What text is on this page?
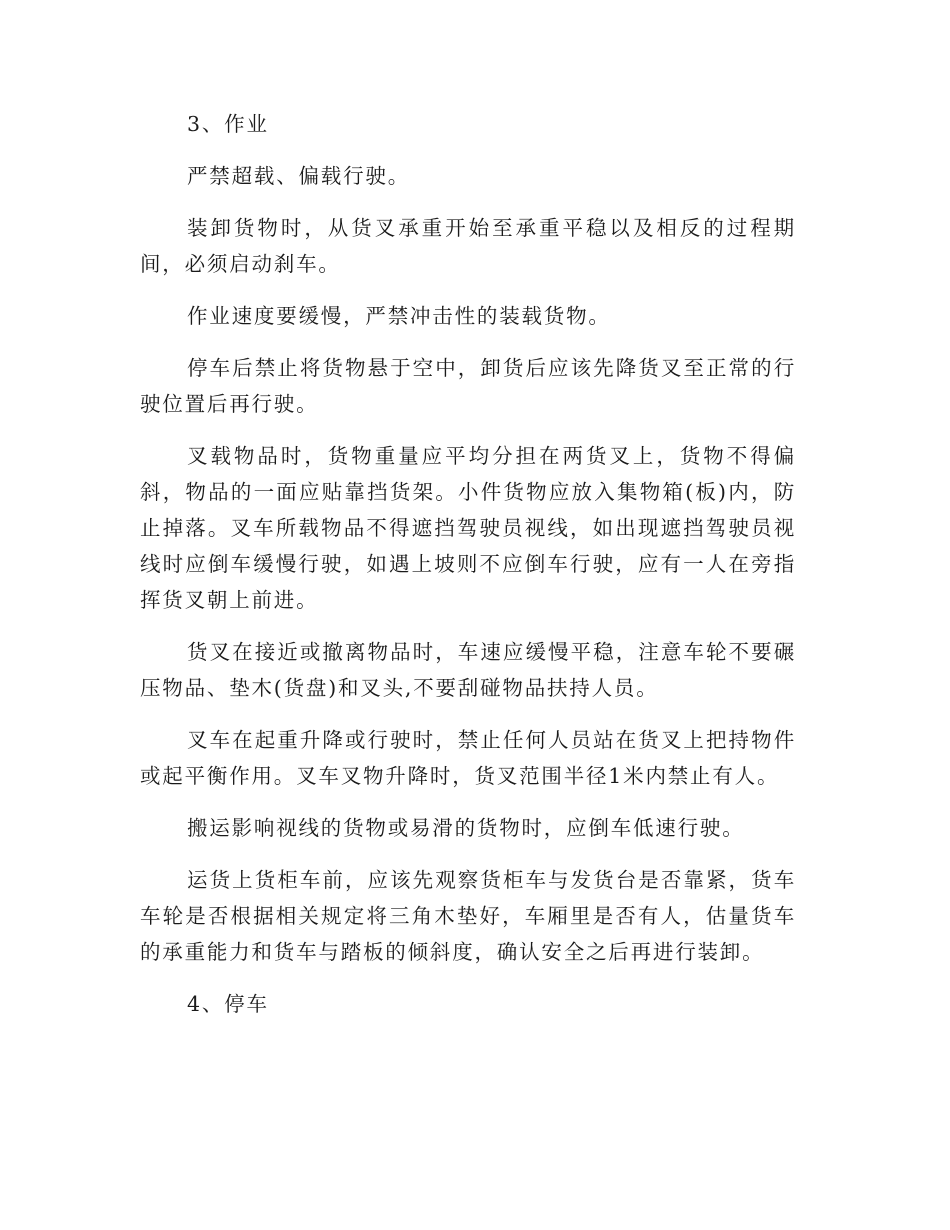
3、作业

严禁超载、偏载行驶。

装卸货物时，从货叉承重开始至承重平稳以及相反的过程期间，必须启动刹车。

作业速度要缓慢，严禁冲击性的装载货物。

停车后禁止将货物悬于空中，卸货后应该先降货叉至正常的行驶位置后再行驶。

叉载物品时，货物重量应平均分担在两货叉上，货物不得偏斜，物品的一面应贴靠挡货架。小件货物应放入集物箱(板)内，防止掉落。叉车所载物品不得遮挡驾驶员视线，如出现遮挡驾驶员视线时应倒车缓慢行驶，如遇上坡则不应倒车行驶，应有一人在旁指挥货叉朝上前进。

货叉在接近或撤离物品时，车速应缓慢平稳，注意车轮不要碾压物品、垫木(货盘)和叉头,不要刮碰物品扶持人员。

叉车在起重升降或行驶时，禁止任何人员站在货叉上把持物件或起平衡作用。叉车叉物升降时，货叉范围半径1米内禁止有人。

搬运影响视线的货物或易滑的货物时，应倒车低速行驶。

运货上货柜车前，应该先观察货柜车与发货台是否靠紧，货车车轮是否根据相关规定将三角木垫好，车厢里是否有人，估量货车的承重能力和货车与踏板的倾斜度，确认安全之后再进行装卸。

4、停车
